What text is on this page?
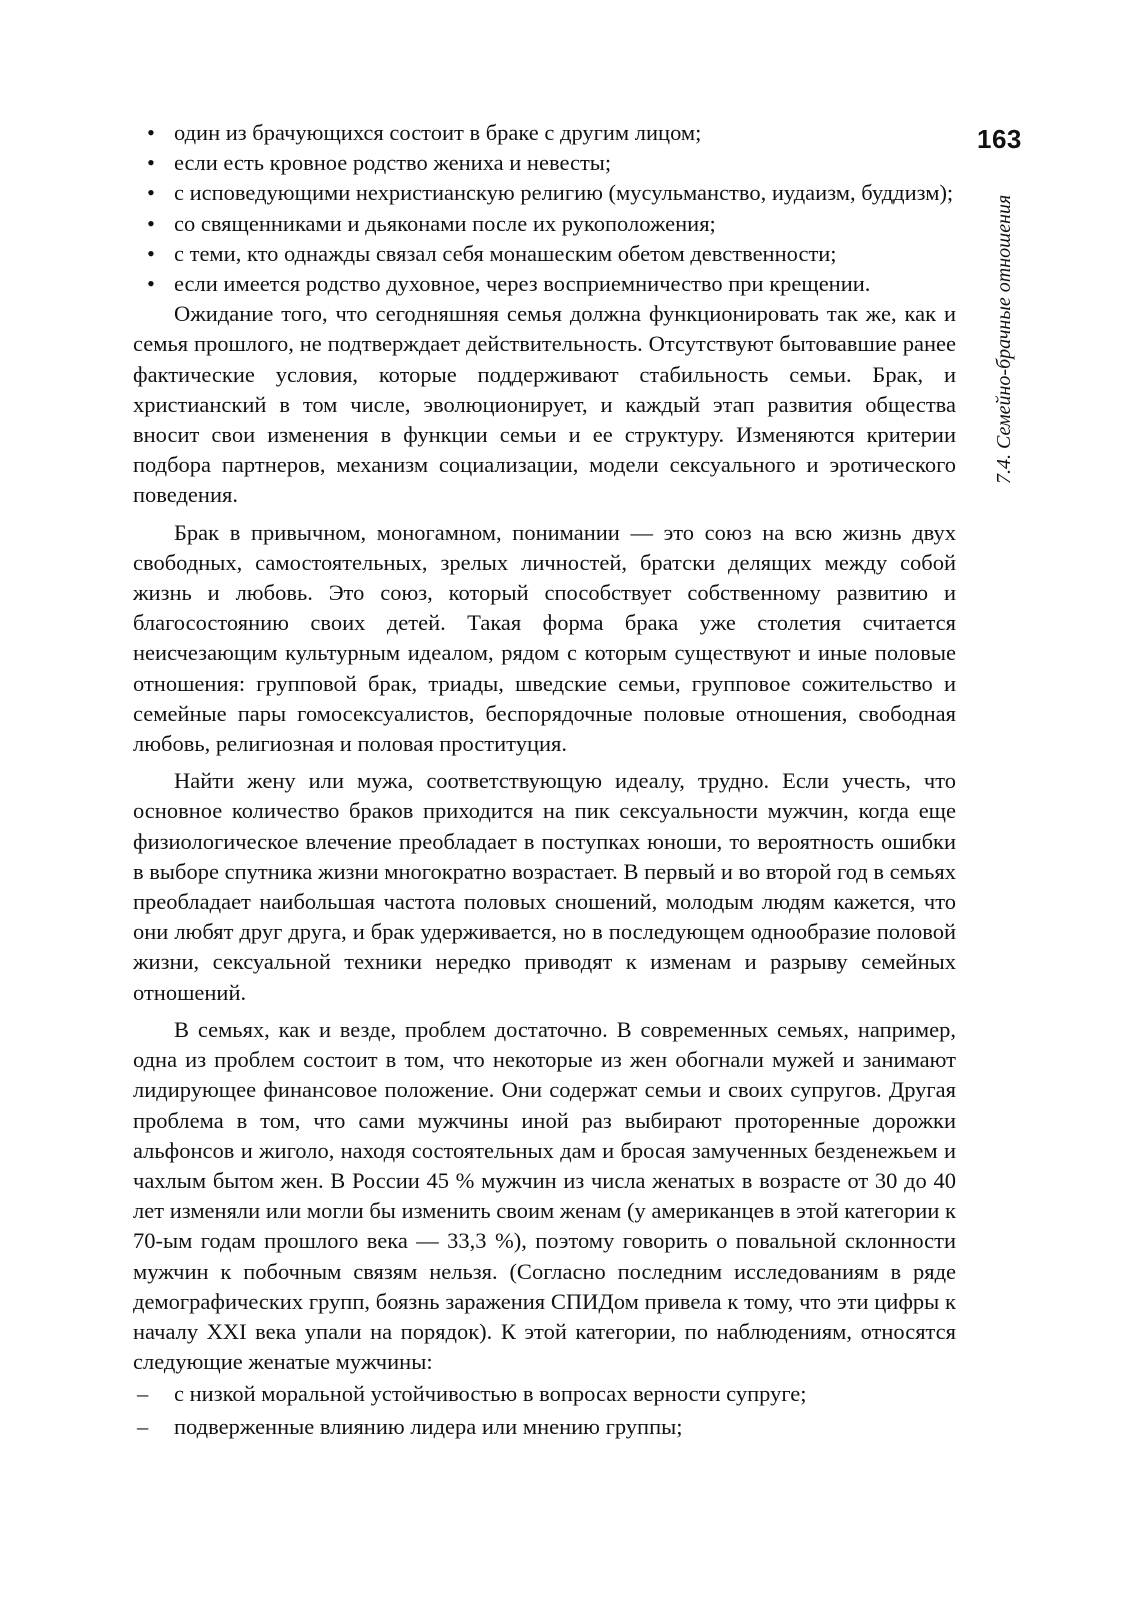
163
7.4. Семейно-брачные отношения
• один из брачующихся состоит в браке с другим лицом;
• если есть кровное родство жениха и невесты;
• с исповедующими нехристианскую религию (мусульманство, иудаизм, буддизм);
• со священниками и дьяконами после их рукоположения;
• с теми, кто однажды связал себя монашеским обетом девственности;
• если имеется родство духовное, через восприемничество при крещении.

Ожидание того, что сегодняшняя семья должна функционировать так же, как и семья прошлого, не подтверждает действительность. Отсутствуют бытовавшие ранее фактические условия, которые поддерживают стабильность семьи. Брак, и христианский в том числе, эволюционирует, и каждый этап развития общества вносит свои изменения в функции семьи и ее структуру. Изменяются критерии подбора партнеров, механизм социализации, модели сексуального и эротического поведения.

Брак в привычном, моногамном, понимании — это союз на всю жизнь двух свободных, самостоятельных, зрелых личностей, братски делящих между собой жизнь и любовь. Это союз, который способствует собственному развитию и благосостоянию своих детей. Такая форма брака уже столетия считается неисчезающим культурным идеалом, рядом с которым существуют и иные половые отношения: групповой брак, триады, шведские семьи, групповое сожительство и семейные пары гомосексуалистов, беспорядочные половые отношения, свободная любовь, религиозная и половая проституция.

Найти жену или мужа, соответствующую идеалу, трудно. Если учесть, что основное количество браков приходится на пик сексуальности мужчин, когда еще физиологическое влечение преобладает в поступках юноши, то вероятность ошибки в выборе спутника жизни многократно возрастает. В первый и во второй год в семьях преобладает наибольшая частота половых сношений, молодым людям кажется, что они любят друг друга, и брак удерживается, но в последующем однообразие половой жизни, сексуальной техники нередко приводят к изменам и разрыву семейных отношений.

В семьях, как и везде, проблем достаточно. В современных семьях, например, одна из проблем состоит в том, что некоторые из жен обогнали мужей и занимают лидирующее финансовое положение. Они содержат семьи и своих супругов. Другая проблема в том, что сами мужчины иной раз выбирают проторенные дорожки альфонсов и жиголо, находя состоятельных дам и бросая замученных безденежьем и чахлым бытом жен. В России 45 % мужчин из числа женатых в возрасте от 30 до 40 лет изменяли или могли бы изменить своим женам (у американцев в этой категории к 70-ым годам прошлого века — 33,3 %), поэтому говорить о повальной склонности мужчин к побочным связям нельзя. (Согласно последним исследованиям в ряде демографических групп, боязнь заражения СПИДом привела к тому, что эти цифры к началу XXI века упали на порядок). К этой категории, по наблюдениям, относятся следующие женатые мужчины:

– с низкой моральной устойчивостью в вопросах верности супруге;
– подверженные влиянию лидера или мнению группы;
